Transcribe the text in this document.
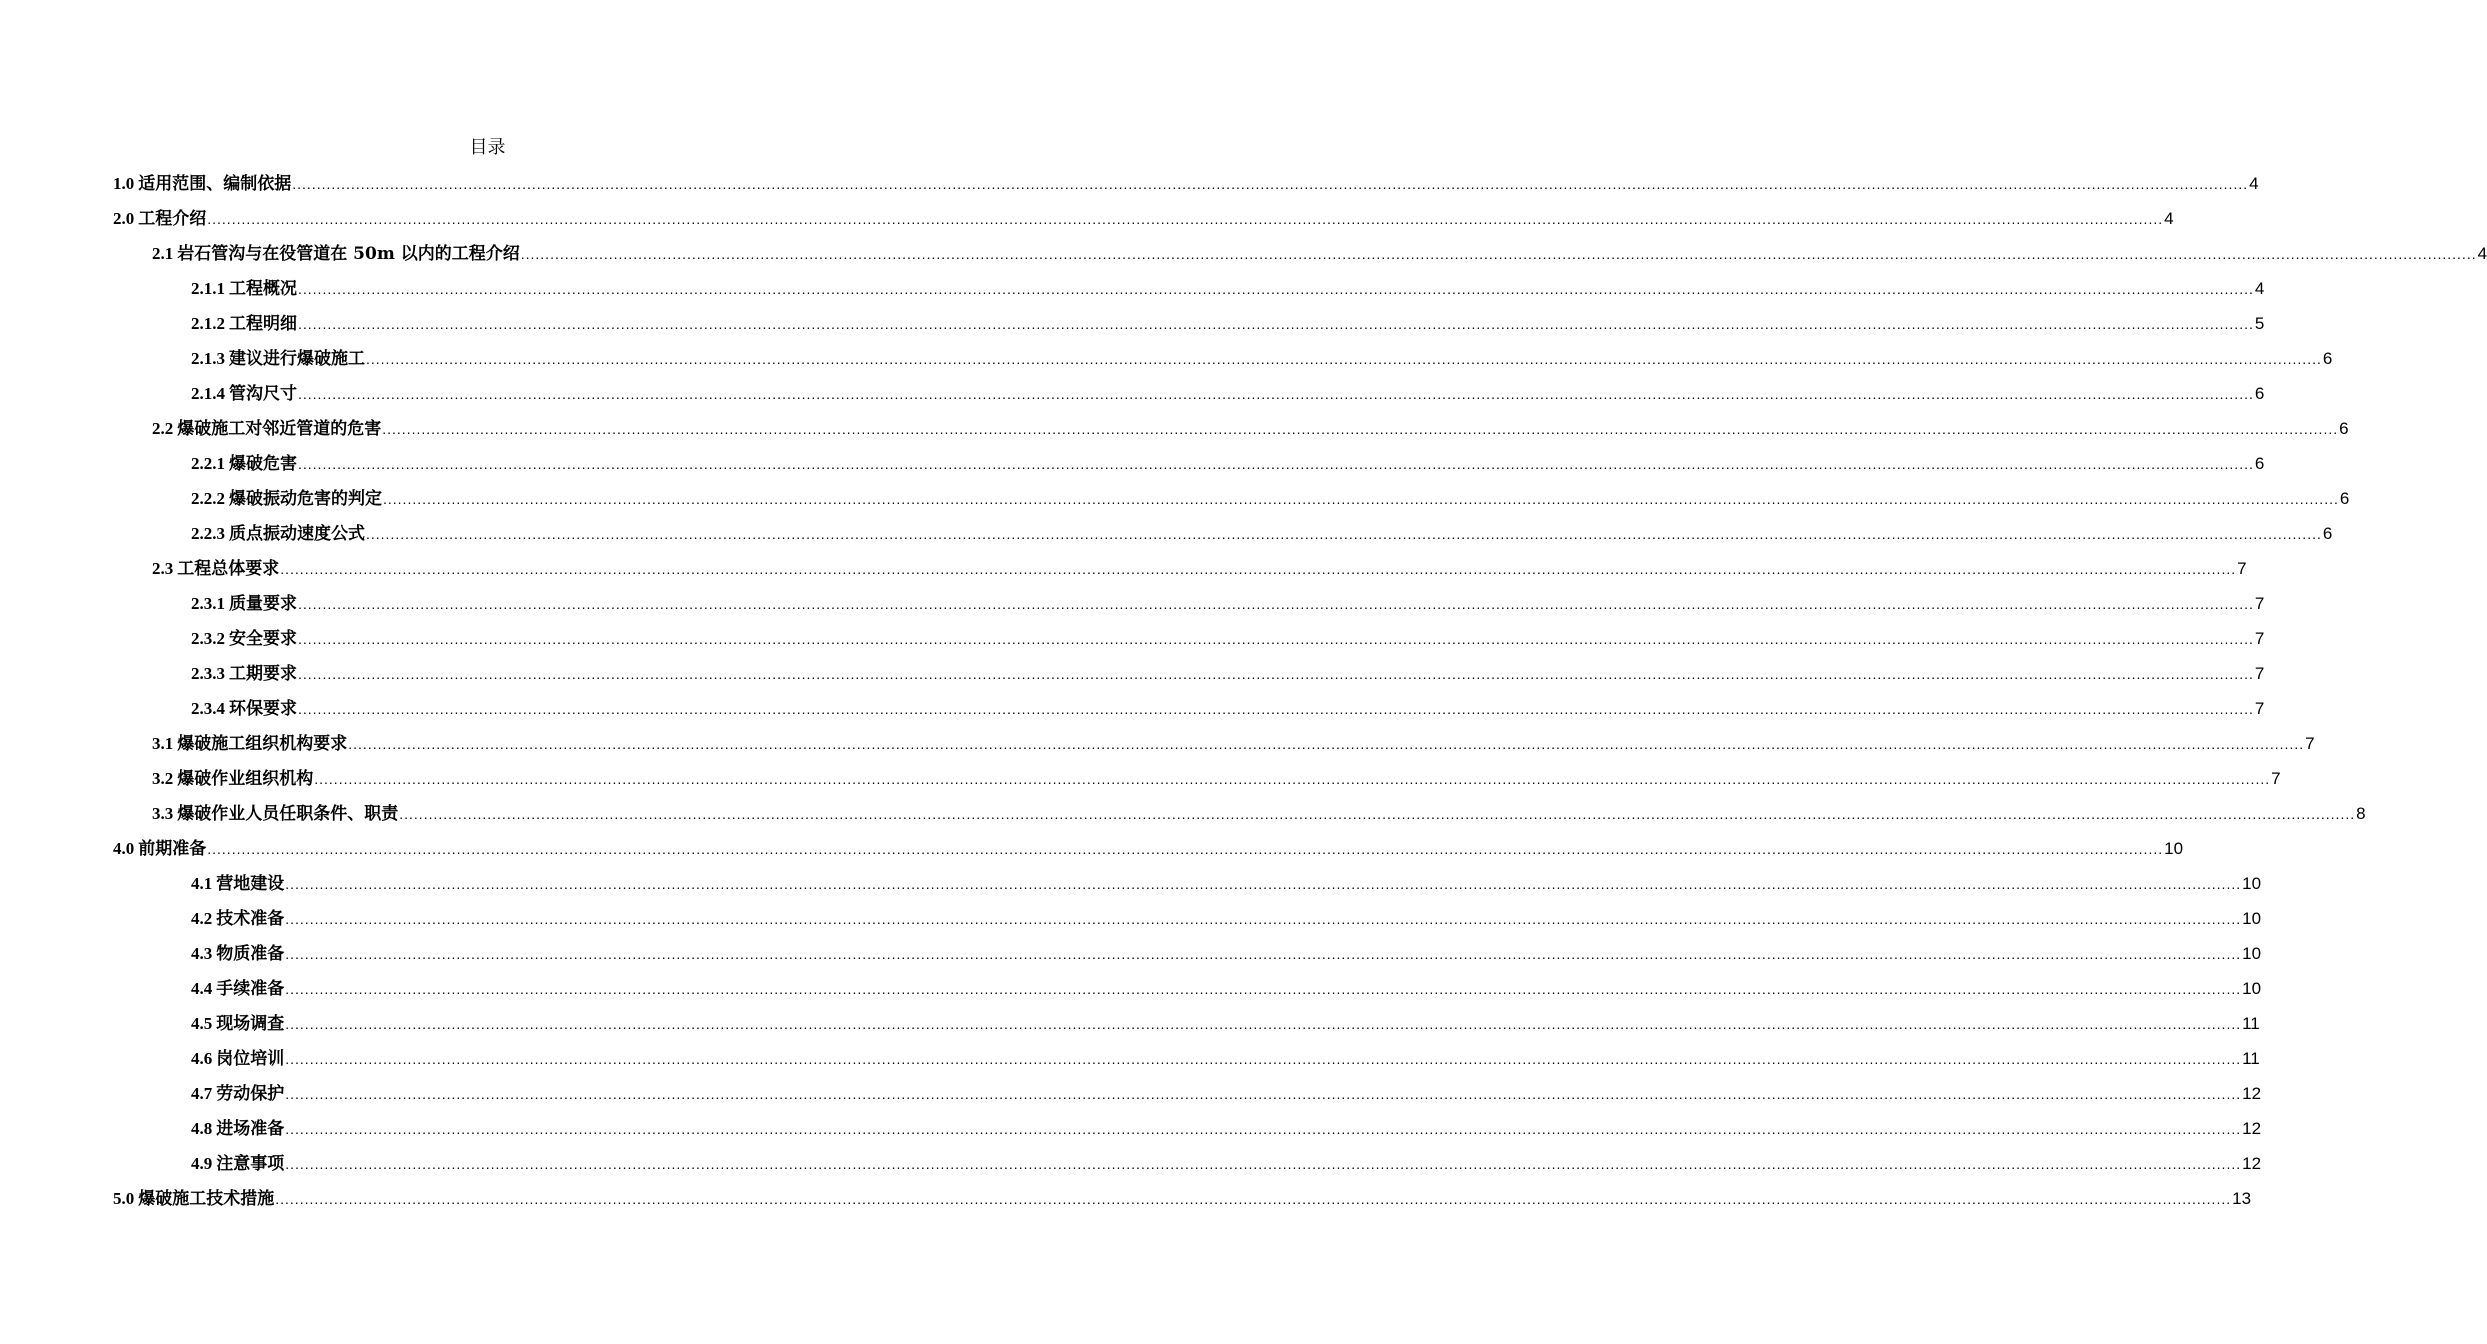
目录
1.0 适用范围、编制依据 ................................................................................................................................................................................................................................................................................................................................................................................................................ 4
2.0 工程介绍 ................................................................................................................................................................................................................................................................................................................................................................................................................ 4
2.1 岩石管沟与在役管道在 50m 以内的工程介绍 ................................................................................................................................................................................................................................................................................................................................................................................................................ 4
2.1.1 工程概况 ................................................................................................................................................................................................................................................................................................................................................................................................................ 4
2.1.2 工程明细 ................................................................................................................................................................................................................................................................................................................................................................................................................ 5
2.1.3 建议进行爆破施工 ................................................................................................................................................................................................................................................................................................................................................................................................................ 6
2.1.4 管沟尺寸 ................................................................................................................................................................................................................................................................................................................................................................................................................ 6
2.2 爆破施工对邻近管道的危害 ................................................................................................................................................................................................................................................................................................................................................................................................................ 6
2.2.1 爆破危害 ................................................................................................................................................................................................................................................................................................................................................................................................................ 6
2.2.2 爆破振动危害的判定 ................................................................................................................................................................................................................................................................................................................................................................................................................ 6
2.2.3 质点振动速度公式 ................................................................................................................................................................................................................................................................................................................................................................................................................ 6
2.3 工程总体要求 ................................................................................................................................................................................................................................................................................................................................................................................................................ 7
2.3.1 质量要求 ................................................................................................................................................................................................................................................................................................................................................................................................................ 7
2.3.2 安全要求 ................................................................................................................................................................................................................................................................................................................................................................................................................ 7
2.3.3 工期要求 ................................................................................................................................................................................................................................................................................................................................................................................................................ 7
2.3.4 环保要求 ................................................................................................................................................................................................................................................................................................................................................................................................................ 7
3.1 爆破施工组织机构要求 ................................................................................................................................................................................................................................................................................................................................................................................................................ 7
3.2 爆破作业组织机构 ................................................................................................................................................................................................................................................................................................................................................................................................................ 7
3.3 爆破作业人员任职条件、职责 ................................................................................................................................................................................................................................................................................................................................................................................................................ 8
4.0 前期准备 ................................................................................................................................................................................................................................................................................................................................................................................................................ 10
4.1 营地建设 ................................................................................................................................................................................................................................................................................................................................................................................................................ 10
4.2 技术准备 ................................................................................................................................................................................................................................................................................................................................................................................................................ 10
4.3 物质准备 ................................................................................................................................................................................................................................................................................................................................................................................................................ 10
4.4 手续准备 ................................................................................................................................................................................................................................................................................................................................................................................................................ 10
4.5 现场调查 ................................................................................................................................................................................................................................................................................................................................................................................................................ 11
4.6 岗位培训 ................................................................................................................................................................................................................................................................................................................................................................................................................ 11
4.7 劳动保护 ................................................................................................................................................................................................................................................................................................................................................................................................................ 12
4.8 进场准备 ................................................................................................................................................................................................................................................................................................................................................................................................................ 12
4.9 注意事项 ................................................................................................................................................................................................................................................................................................................................................................................................................ 12
5.0 爆破施工技术措施 ................................................................................................................................................................................................................................................................................................................................................................................................................ 13
